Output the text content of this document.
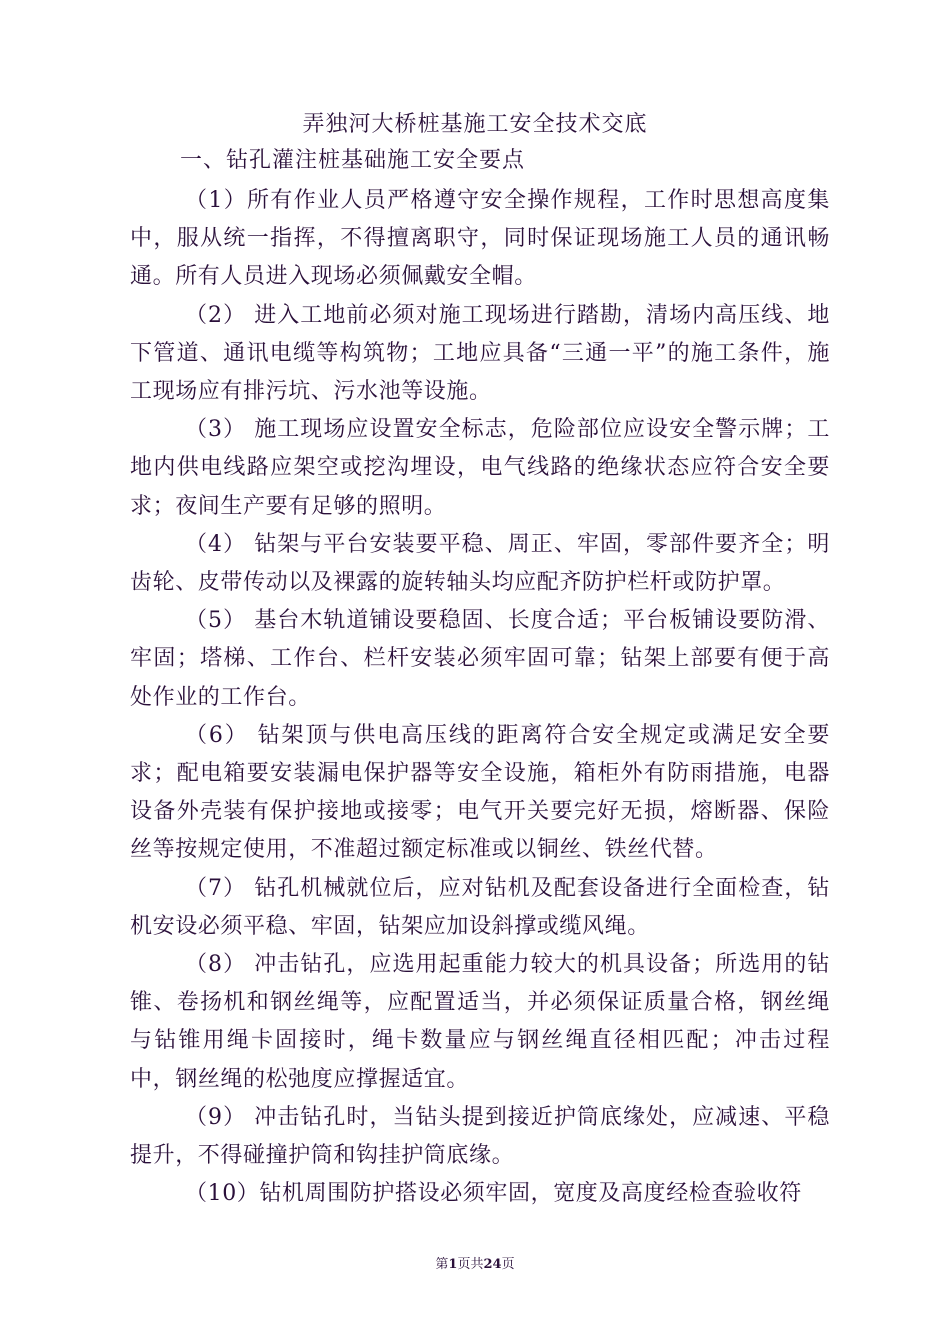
弄独河大桥桩基施工安全技术交底
一、钻孔灌注桩基础施工安全要点

（1）所有作业人员严格遵守安全操作规程，工作时思想高度集中，服从统一指挥，不得擅离职守，同时保证现场施工人员的通讯畅通。所有人员进入现场必须佩戴安全帽。

（2） 进入工地前必须对施工现场进行踏勘，清场内高压线、地下管道、通讯电缆等构筑物；工地应具备“三通一平”的施工条件，施工现场应有排污坑、污水池等设施。

（3） 施工现场应设置安全标志，危险部位应设安全警示牌；工地内供电线路应架空或挖沟埋设，电气线路的绝缘状态应符合安全要求；夜间生产要有足够的照明。

（4） 钻架与平台安装要平稳、周正、牢固，零部件要齐全；明齿轮、皮带传动以及裸露的旋转轴头均应配齐防护栏杆或防护罩。

（5） 基台木轨道铺设要稳固、长度合适；平台板铺设要防滑、牢固；塔梯、工作台、栏杆安装必须牢固可靠；钻架上部要有便于高处作业的工作台。

（6） 钻架顶与供电高压线的距离符合安全规定或满足安全要求；配电箱要安装漏电保护器等安全设施，箱柜外有防雨措施，电器设备外壳装有保护接地或接零；电气开关要完好无损，熔断器、保险丝等按规定使用，不准超过额定标准或以铜丝、铁丝代替。

（7） 钻孔机械就位后，应对钻机及配套设备进行全面检查，钻机安设必须平稳、牢固，钻架应加设斜撑或缆风绳。

（8） 冲击钻孔，应选用起重能力较大的机具设备；所选用的钻锥、卷扬机和钢丝绳等，应配置适当，并必须保证质量合格，钢丝绳与钻锥用绳卡固接时，绳卡数量应与钢丝绳直径相匹配；冲击过程中，钢丝绳的松弛度应撑握适宜。

（9） 冲击钻孔时，当钻头提到接近护筒底缘处，应减速、平稳提升，不得碰撞护筒和钩挂护筒底缘。

（10）钻机周围防护搭设必须牢固，宽度及高度经检查验收符

第1页共24页
